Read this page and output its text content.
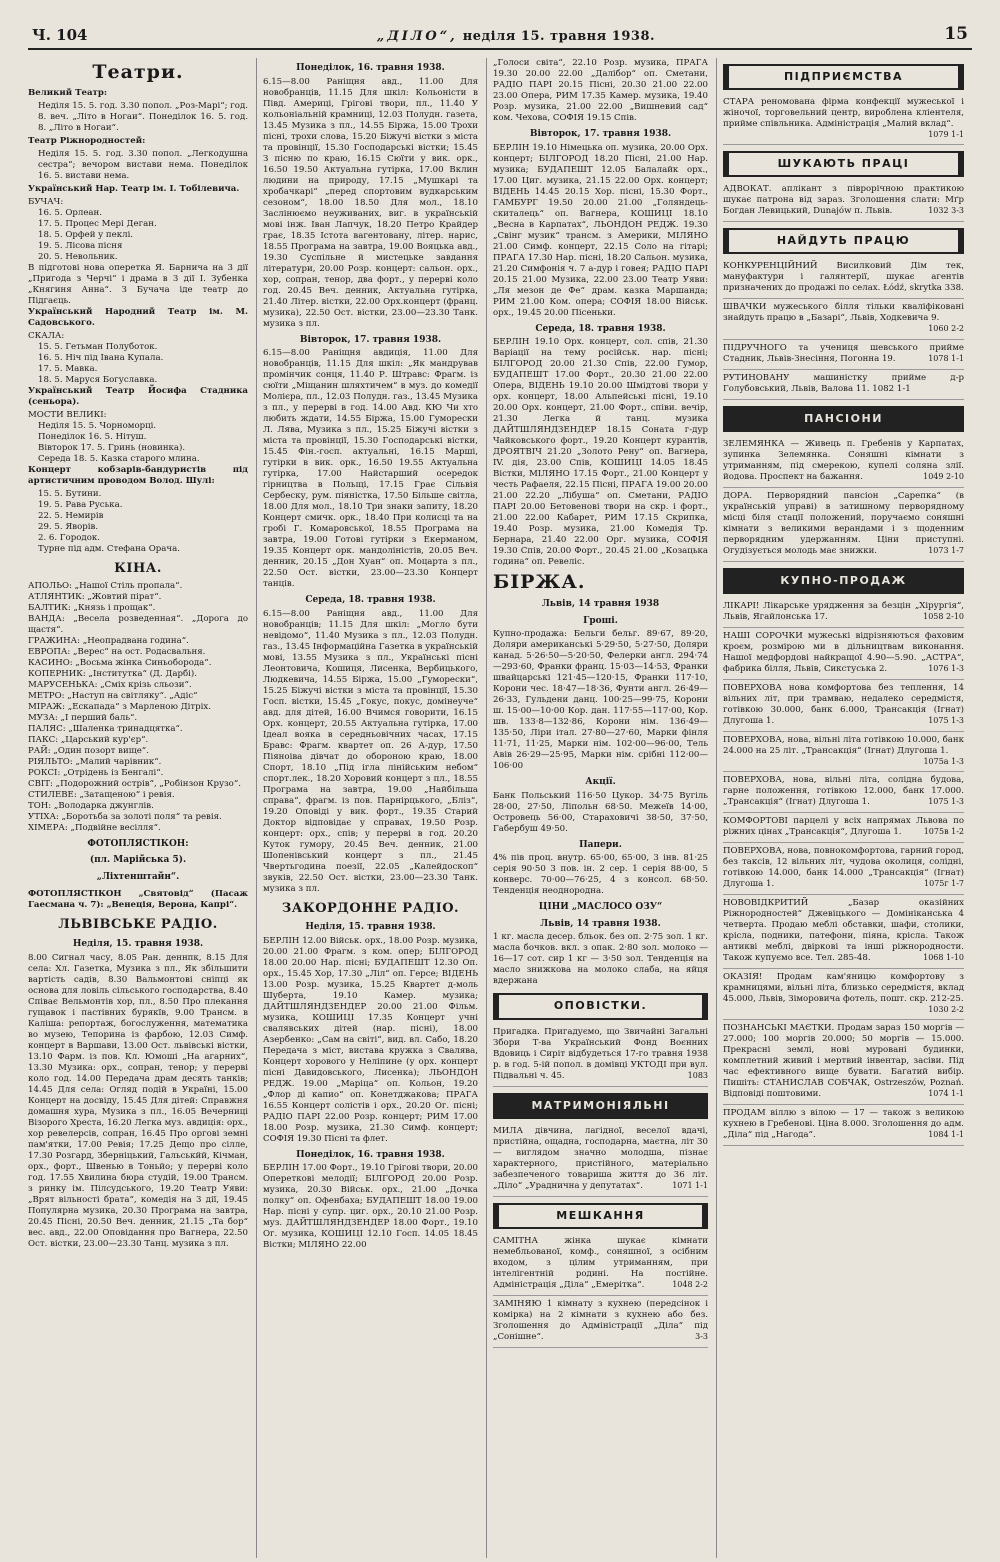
Ч. 104	„ДІЛО“, неділя 15. травня 1938.	15
Театри.

Великий Театр:

Неділя 15. 5. год. 3.30 попол. „Роз-Марі“; год. 8. веч. „Літо в Ногаи“. Понеділок 16. 5. год. 8. „Літо в Ногаи“.

Театр Ріжнородностей:

Неділя 15. 5. год. 3.30 попол. „Легкодушна сестра“; вечором вистави нема. Понеділок 16. 5. вистави нема.

Український Нар. Театр ім. І. Тобілевича.

БУЧАЧ:

16. 5. Орлеан.

17. 5. Процес Мері Деган.

18. 5. Орфей у пеклі.

19. 5. Лісова пісня

20. 5. Невольник.

В підготові нова оперетка Я. Барнича на 3 дії „Пригода з Черчі“ і драма в 3 дії І. Зубенка „Княгиня Анна“. З Бучача іде театр до Підгаєць.

Український Народний Театр ім. М. Садовського.

СКАЛА:

15. 5. Гетьман Полуботок.

16. 5. Ніч під Івана Купала.

17. 5. Мавка.

18. 5. Маруся Богуславка.

Український Театр Йосифа Стадника (сеньора).

МОСТИ ВЕЛИКІ:

Неділя 15. 5. Чорноморці.

Понеділок 16. 5. Нітуш.

Вівторок 17. 5. Гринь (новинка).

Середа 18. 5. Казка старого млина.

Концерт кобзарів-бандуристів під артистичним проводом Волод. Шулі:

15. 5. Бутини.

19. 5. Рава Руська.

22. 5. Немирів

29. 5. Яворів.

2. 6. Городок.

Турне під адм. Стефана Орача.

КІНА.

АПОЛЬО: „Нашої Стіль пропала“.

АТЛЯНТИК: „Жовтий пірат“.

БАЛТИК: „Князь і прощак“.

ВАНДА: „Весела розведенная“. „Дорога до щастя“.

ГРАЖИНА: „Неопрадвана година“.

ЕВРОПА: „Верес“ на ост. Родасвальня.

КАСИНО: „Восьма жінка Синьоборода“.

КОПЕРНИК: „Інституткa“ (Д. Дарбі).

МАРУСЕНЬКА: „Сміх крізь сльози“.

МЕТРО: „Наступ на світляку“. „Адіс“

МІРАЖ: „Ескапада“ з Марленою Дітріх.

МУЗА: „І перший баль“.

ПАЛЯС: „Шаленка тринадцятка“.

ПАКС: „Царський кур'єр“.

РАЙ: „Один позорт вище“.

РІЯЛЬТО: „Малий чарівник“.

РОКСІ: „Отрідень із Бенгалі“.

СВІТ: „Подорожний острів“, „Робінзон Крузо“.

СТИЛЕВЕ: „Затащеною“ і ревія.

ТОН: „Володарка джунглів.

УТІХА: „Боротьба за золоті поля“ та ревія.

ХІМЕРА: „Подвійне весілля“.

ФОТОПЛЯСТІКОН:
(пл. Марійська 5).
„Ліхтенштайн“.

ФОТОПЛЯСТІКОН „Святовід“ (Пасаж Гаесмана ч. 7): „Венеція, Верона, Капрі“.

ЛЬВІВСЬКЕ РАДІО.
Неділя, 15. травня 1938.

8.00 Сигнал часу, 8.05 Ран. деннпк, 8.15 Для села: Хл. Газетка, Музика з пл., Як збільшити вартість садів, 8.30 Вальмонтові сніпці як основа для ловіль сільського господарства, 8.40 Співає Вельмонтів хор, пл., 8.50 Про плекання гущавок і пастівних бурякїв, 9.00 Трансм. в Каліша: репортаж, богослуження, математика во музею, Тепорина із фарбою, 12.03 Симф. концерт в Варшави, 13.00 Ост. львівські вістки, 13.10 Фарм. із пов. Кл. Юмоші „На агарних“, 13.30 Музика: орх., сопран, тенор; у перерві коло год. 14.00 Передача драм десять танків; 14.45 Для села: Огляд подій в Україні, 15.00 Концерт на досвіду, 15.45 Для дітей: Справжня домашня хура, Музика з пл., 16.05 Вечерниці Візорого Хреста, 16.20 Легка муз. авдиція: орх., хор ревелерсів, сопран, 16.45 Про оргові земні пам'ятки, 17.00 Ревія; 17.25 Дещо про сілле, 17.30 Розгард, Зберніцький, Гальськйй, Кічман, орх., форт., Швенью в Тоньйо; у перерві коло год. 17.55 Хвилина бюра студій, 19.00 Трансм. з ринку ім. Пілсудського, 19.20 Театр Уяви: „Врят вільності брата“, комедія на 3 дії, 19.45 Популярна музика, 20.30 Програма на завтра, 20.45 Пісні, 20.50 Веч. денник, 21.15 „Та бор“ вес. авд., 22.00 Оповідання про Вагнера, 22.50 Ост. вістки, 23.00—23.30 Танц. музика з пл.

Понеділок, 16. травня 1938.

6.15—8.00 Раніщня авд., 11.00 Для новобранців, 11.15 Для шкіл: Кольоністи в Півд. Америці, Грігові твори, пл., 11.40 У кольоніальній крамниці, 12.03 Полудн. газета, 13.45 Музика з пл., 14.55 Біржа, 15.00 Трохи пісні, трохи слова, 15.20 Біжучі вістки з міста та провінції, 15.30 Господарські вістки; 15.45 З пісню по краю, 16.15 Сюїти у вик. орк., 16.50 19.50 Актуальна гутірка, 17.00 Вклин людини на природу, 17.15 „Мушкарі та хробачкарі“ „перед спортовим вудкарським сезоном“, 18.00 18.50 Для мол., 18.10 Заслінюємо неуживаних, виг. в українській мові інж. Іван Лапчук, 18.20 Петро Крайдер грає, 18.35 Істота вагентовану, літер. нарис, 18.55 Програма на завтра, 19.00 Вояцька авд., 19.30 Суспільне й мистецьке завдання літератури, 20.00 Розр. концерт: сальон. орх., хор, сопран, тенор, два форт., у перерві коло год. 20.45 Веч. денник, Актуальна гутірка, 21.40 Літер. вістки, 22.00 Орх.концерт (франц. музика), 22.50 Ост. вістки, 23.00—23.30 Танк. музика з пл.

Вівторок, 17. травня 1938.

6.15—8.00 Раніщня авдиція, 11.00 Для новобранців, 11.15 Для шкіл: „Як мандрував промінчик сонця, 11.40 Р. Штравс: Фрагм. із сюїти „Міщанин шляхтичем“ в муз. до комедії Молієра, пл., 12.03 Полудн. газ., 13.45 Музика з пл., у перерві в год. 14.00 Авд. КЮ Чи хто любить ждати, 14.55 Біржа, 15.00 Гуморески Л. Лява, Музика з пл., 15.25 Біжучі вістки з міста та провінції, 15.30 Господарські вістки, 15.45 Фін.-госп. актуальні, 16.15 Марші, гутірки в вик. орк., 16.50 19.55 Актуальна гутірка, 17.00 Найстарший осередок гірництва в Польщі, 17.15 Грає Сільвія Сербеску, рум. піяністка, 17.50 Більше світла, 18.00 Для мол., 18.10 Три знаки запиту, 18.20 Концерт смичк. орк., 18.40 При колисці та на гробі Г. Комаровської, 18.55 Програма на завтра, 19.00 Готові гутірки з Екерманом, 19.35 Концерт орк. мандоліністів, 20.05 Веч. денник, 20.15 „Дон Хуан“ оп. Моцарта з пл., 22.50 Ост. вістки, 23.00—23.30 Концерт танців.

Середа, 18. травня 1938.

6.15—8.00 Раніщня авд., 11.00 Для новобранців; 11.15 Для шкіл: „Могло бути невідомо“, 11.40 Музика з пл., 12.03 Полудн. газ., 13.45 Інформаційна Газетка в українській мові, 13.55 Музика з пл., Українські пісні Леонтовича, Кошиця, Лисенка, Вербицького, Людкевича, 14.55 Біржа, 15.00 „Гуморески“, 15.25 Біжучі вістки з міста та провінції, 15.30 Госп. вістки, 15.45 „Гокус, покус, домінеуче“ авд. для дітей, 16.00 Вчимся говорити, 16.15 Орх. концерт, 20.55 Актуальна гутірка, 17.00 Ідеал вояка в середньовічних часах, 17.15 Бравс: Фрагм. квартет оп. 26 А-дур, 17.50 Піяноіва дівчат до обороною краю, 18.00 Спорт, 18.10 „Під ігла лінійським небом“ спорт.лек., 18.20 Хоровий концерт з пл., 18.55 Програма на завтра, 19.00 „Найбільша справа“, фрагм. із пов. Парнірцького, „Бліз“, 19.20 Оповіді у вик. форт., 19.35 Старий Доктор відповідає у справах, 19.50 Розр. концерт: орх., спів; у перерві в год. 20.20 Куток гумору, 20.45 Веч. денник, 21.00 Шопенівський концерт з пл., 21.45 Чвертьгодина поезії, 22.05 „Калейдоскоп“ звуків, 22.50 Ост. вістки, 23.00—23.30 Танк. музика з пл.

ЗАКОРДОННЕ РАДІО.
Неділя, 15. травня 1938.

БЕРЛІН 12.00 Військ. орх., 18.00 Розр. музика, 20.00 21.00 Фрагм. з ком. опер; БІЛГОРОД 18.00 20.00 Нар. пісні; БУДАПЕШТ 12.30 Оп. орх., 15.45 Хор, 17.30 „Ліл“ оп. Герсе; ВІДЕНЬ 13.00 Розр. музика, 15.25 Квартет д-моль Шуберта, 19.10 Камер. музика; ДАЙТШЛЯНДЗЕНДЕР 20.00 21.00 Фільм. музика, КОШИЦІ 17.35 Концерт учні свалявських дітей (нар. пісні), 18.00 Азербенко: „Сам на світі“, вид. вл. Сабо, 18.20 Передача з міст, вистава кружка з Свалява, Концерт хорового у Неліпине (у орх. концерт пісні Давидовського, Лисенка); ЛЬОНДОН РЕДЖ. 19.00 „Маріца“ оп. Кольон, 19.20 „Флор ді капио“ оп. Конетджакова; ПРАГА 16.55 Концерт солістів і орх., 20.20 Ог. пісні; РАДІО ПАРІ 22.00 Розр. концерт; РИМ 17.00 18.00 Розр. музика, 21.30 Симф. концерт; СОФІЯ 19.30 Пісні та флет.

Понеділок, 16. травня 1938.

БЕРЛІН 17.00 Форт., 19.10 Грігові твори, 20.00 Оперетковi мелодії; БІЛГОРОД 20.00 Розр. музика, 20.30 Військ. орх., 21.00 „Дочка полку“ оп. Офенбаха; БУДАПЕШТ 18.00 19.00 Нар. пісні у супр. циг. орх., 20.10 21.00 Розр. муз. ДАЙТШЛЯНДЗЕНДЕР 18.00 Форт., 19.10 Ог. музика, КОШИЦІ 12.10 Госп. 14.05 18.45 Вістки; МІЛЯНО 22.00

„Голоси світа“, 22.10 Розр. музика, ПРАГА 19.30 20.00 22.00 „Далібор“ оп. Сметани, РАДІО ПАРІ 20.15 Пісні, 20.30 21.00 22.00 23.00 Опера, РИМ 17.35 Камер. музика, 19.40 Розр. музика, 21.00 22.00 „Вишневий сад“ ком. Чехова, СОФІЯ 19.15 Спів.

Вівторок, 17. травня 1938.

БЕРЛІН 19.10 Німецька оп. музика, 20.00 Орх. концерт; БІЛГОРОД 18.20 Пісні, 21.00 Нар. музика; БУДАПЕШТ 12.05 Балалайк орх., 17.00 Циг. музика, 21.15 22.00 Орх. концерт; ВІДЕНЬ 14.45 20.15 Хор. пісні, 15.30 Форт., ГАМБУРГ 19.50 20.00 21.00 „Голяндець-скиталець“ оп. Вагнера, КОШИЦІ 18.10 „Весна в Карпатах“, ЛЬОНДОН РЕДЖ. 19.30 „Свінг музик“ трансм. з Америки, МІЛЯНО 21.00 Симф. концерт, 22.15 Соло на гітарі; ПРАГА 17.30 Нар. пісні, 18.20 Сальон. музика, 21.20 Симфонія ч. 7 а-дур і говея; РАДІО ПАРІ 20.15 21.00 Музика, 22.00 23.00 Театр Уяви: „Ля мезон де Фе“ драм. казка Маршанда; РИМ 21.00 Ком. опера; СОФІЯ 18.00 Військ. орх., 19.45 20.00 Пісеньки.

Середа, 18. травня 1938.

БЕРЛІН 19.10 Орх. концерт, сол. спів, 21.30 Варіації на тему російськ. нар. пісні; БІЛГОРОД 20.00 21.30 Спів, 22.00 Гумор, БУДАПЕШТ 17.00 Форт., 20.30 21.00 22.00 Опера, ВІДЕНЬ 19.10 20.00 Шмідтові твори у орх. концерт, 18.00 Альпейські пісні, 19.10 20.00 Орх. концерт, 21.00 Форт., співи. вечір, 21.30 Легка й танц. музика ДАЙТШЛЯНДЗЕНДЕР 18.15 Соната г-дур Чайковського форт., 19.20 Концерт курантів, ДРОЯТВІЧ 21.20 „Золото Рену“ оп. Вагнера, IV. дія, 23.00 Спів, КОШИЦІ 14.05 18.45 Вістки, МІЛЯНО 17.15 Форт., 21.00 Концерт у честь Рафаеля, 22.15 Пісні, ПРАГА 19.00 20.00 21.00 22.20 „Лібуша“ оп. Сметани, РАДІО ПАРІ 20.00 Бетовенові твори на скр. і форт., 21.00 22.00 Кабарет, РИМ 17.15 Скрипка, 19.40 Розр. музика, 21.00 Комедія Тр. Бернара, 21.40 22.00 Орг. музика, СОФІЯ 19.30 Спів, 20.00 Форт., 20.45 21.00 „Козацька година“ оп. Ревеліс.

БІРЖА.
Львів, 14 травня 1938
Гроші.

Купно-продажа: Бельги бельг. 89·67, 89·20, Доляри американські 5·29·50, 5·27·50, Доляри канад. 5·26·50—5·20·50, Фелерки англ. 294·74—293·60, Франки франц. 15·03—14·53, Франки швайцарські 121·45—120·15, Франки 117·10, Корони чес. 18·47—18·36, Фунти англ. 26·49—26·33, Гульдени данц. 100·25—99·75, Корони ш. 15·00—10·00 Кор. дан. 117·55—117·00, Кор. шв. 133·8—132·86, Корони нім. 136·49—135·50, Ліри італ. 27·80—27·60, Марки фінля 11·71, 11·25, Марки нім. 102·00—96·00, Тель Авів 26·29—25·95, Марки нім. срібні 112·00—106·00

Акції.

Банк Польський 116·50 Цукор. 34·75 Вугіль 28·00, 27·50, Ліпольн 68·50. Межеїв 14·00, Островець 56·00, Стараховичі 38·50, 37·50, Габербуш 49·50.

Папери.

4% пів проц. внутр. 65·00, 65·00, 3 інв. 81·25 серія 90·50 3 пов. ін. 2 сер. 1 серія 88·00, 5 конверс. 70·00—76·25, 4 з консол. 68·50. Тенденція неоднородна.

ЦІНИ „МАСЛОСО ОЗУ“
Львів, 14 травня 1938.

1 кг. масла десер. бльок. без оп. 2·75 зол. 1 кг. масла бочков. вкл. з опак. 2·80 зол. молоко — 16—17 сот. сир 1 кг — 3·50 зол. Тенденція на масло знижкова на молоко слаба, на яйця вдержана

ОПОВІСТКИ.
Пригадка. Пригадуємо, що Звичайні Загальні Збори Т-ва Український Фонд Воєнних Вдовиць і Сиріт відбудеться 17-го травня 1938 р. в год. 5-ій попол. в домівці УКТОДІ при вул. Підвальні ч. 45.	1083
МАТРИМОНІЯЛЬНІ
МИЛА дівчина, лагідної, веселої вдачі, пристійна, ощадна, господарна, маєтна, літ 30 — виглядом значно молодша, пізнає характерного, пристійного, матеріально забезпеченого товариша життя до 36 літ. „Діло“ „Ураднична у депутатах“.	1071 1-1
МЕШКАННЯ
САМІТНА жінка шукає кімнати немебльованої, комф., соняшної, з осібним входом, з цілим утриманням, при інтелігентній родині. На постійне. Адміністрація „Діла“ „Емерітка“.	1048 2-2
ЗАМІНЯЮ 1 кімнату з кухнею (передсінок і комірка) на 2 кімнати з кухнею або без. Зголошення до Адміністрації „Діла“ під „Сонішне“.	3-3
ПІДПРИЄМСТВА
СТАРА реномована фірма конфекції мужеської і жіночої, торговельний центр, вироблена кліентеля, прийме співльника. Адміністрація „Малий вклад“.
1079 1-1
ШУКАЮТЬ ПРАЦІ
АДВОКАТ. аплікант з піврорічною практикою шукає патрона від зараз. Зголошення слати: Мґр Богдан Левицький, Dunajów п. Львів.	1032 3-3
НАЙДУТЬ ПРАЦЮ
КОНКУРЕНЦІЙНИЙ Висилковий Дім тек, мануфактури і галянтерії, шукає агентів призначених до продажі по селах. Łódź, skrytka 338.
ШВАЧКИ мужеського білля тільки кваліфіковані знайдуть працю в „Базарі“, Львів, Ходкевича 9.
1060 2-2
ПІДРУЧНОГО та учениця шевського прийме Стадник, Львів-Знесіння, Погонна 19.	1078 1-1
РУТИНОВАНУ машиністку прийме д-р Голубовський, Львів, Валова 11. 1082 1-1
ПАНСІОНИ
ЗЕЛЕМЯНКА — Живець п. Гребенів у Карпатах, зупинка Зелемянка. Соняшні кімнати з утриманням, під смерекою, купелі соляна злії. йодова. Проспект на бажання.	1049 2-10
ДОРА. Перворядний пансіон „Сарепка“ (в українській управі) в затишному перворядному місці біля стації положений, поручаємо соняшні кімнати з великими верандами і з щоденним перворядним удержанням. Ціни приступні. Огудізується молодь має знижки.	1073 1-7
КУПНО-ПРОДАЖ
ЛІКАРІ! Лікарське урядження за безцін „Хірургія“, Львів, Ягайлонська 17.	1058 2-10
НАШІ СОРОЧКИ мужеські відрізняються фаховим кроєм, розмірою ми в дільництвам виконання. Нашої медфордові найкращої 4.90—5.90. „АСТРА“, фабрика білля, Львів, Сикстуська 2.	1076 1-3
ПОВЕРХОВА нова комфортова без теплення, 14 вільних літ, при трамваю, недалеко середмістя, готівкою 30.000, банк 6.000, Трансакція (Ігнат) Длугоша 1.	1075 1-3
ПОВЕРХОВА, нова, вільні літа готівкою 10.000, банк 24.000 на 25 літ. „Трансакція“ (Ігнат) Длугоша 1.
1075а 1-3
ПОВЕРХОВА, нова, вільні літа, солідна будова, гарне положення, готівкою 12.000, банк 17.000. „Трансакція“ (Ігнат) Длугоша 1.	1075 1-3
КОМФОРТОВІ парцелі у всіх напрямах Львова по ріжних цінах „Трансакція“, Длугоша 1.	1075в 1-2
ПОВЕРХОВА, нова, повнокомфортова, гарний город, без таксів, 12 вільних літ, чудова околиця, солідні, готівкою 14.000, банк 14.000 „Трансакція“ (Ігнат) Длугоша 1.	1075г 1-7
НОВОВІДКРИТИЙ „Базар оказійних Ріжнородностей“ Джевіцького — Домініканська 4 четверта. Продаю меблі обставки, шафи, столики, крісла, подники, патефони, піяна, кріслa. Також антикві меблі, двіркові та інші ріжнородности. Також купуємо все. Тел. 285-48.	1068 1-10
ОКАЗІЯ! Продам кам'яницю комфортову з крамницями, вільні літа, близько середмістя, вклад 45.000, Львів, Зіморовича фотель, пошт. скр. 212-25.
1030 2-2
ПОЗНАНСЬКІ МАЄТКИ. Продам зараз 150 моргів — 27.000; 100 моргів 20.000; 50 моргів — 15.000. Прекрасні землі, нові мурованi будинки, комплетний живий і мертвий інвентар, засіви. Під час ефективного вище бувати. Багатий вибір. Пишіть: СТАНИСЛАВ СОБЧАК, Ostrzeszów, Poznań. Відповіді поштовими.	1074 1-1
ПРОДАМ віллю з вілою — 17 — також з великою кухнею в Гребенові. Ціна 8.000. Зголошення до адм. „Діла“ під „Нагода“.	1084 1-1
